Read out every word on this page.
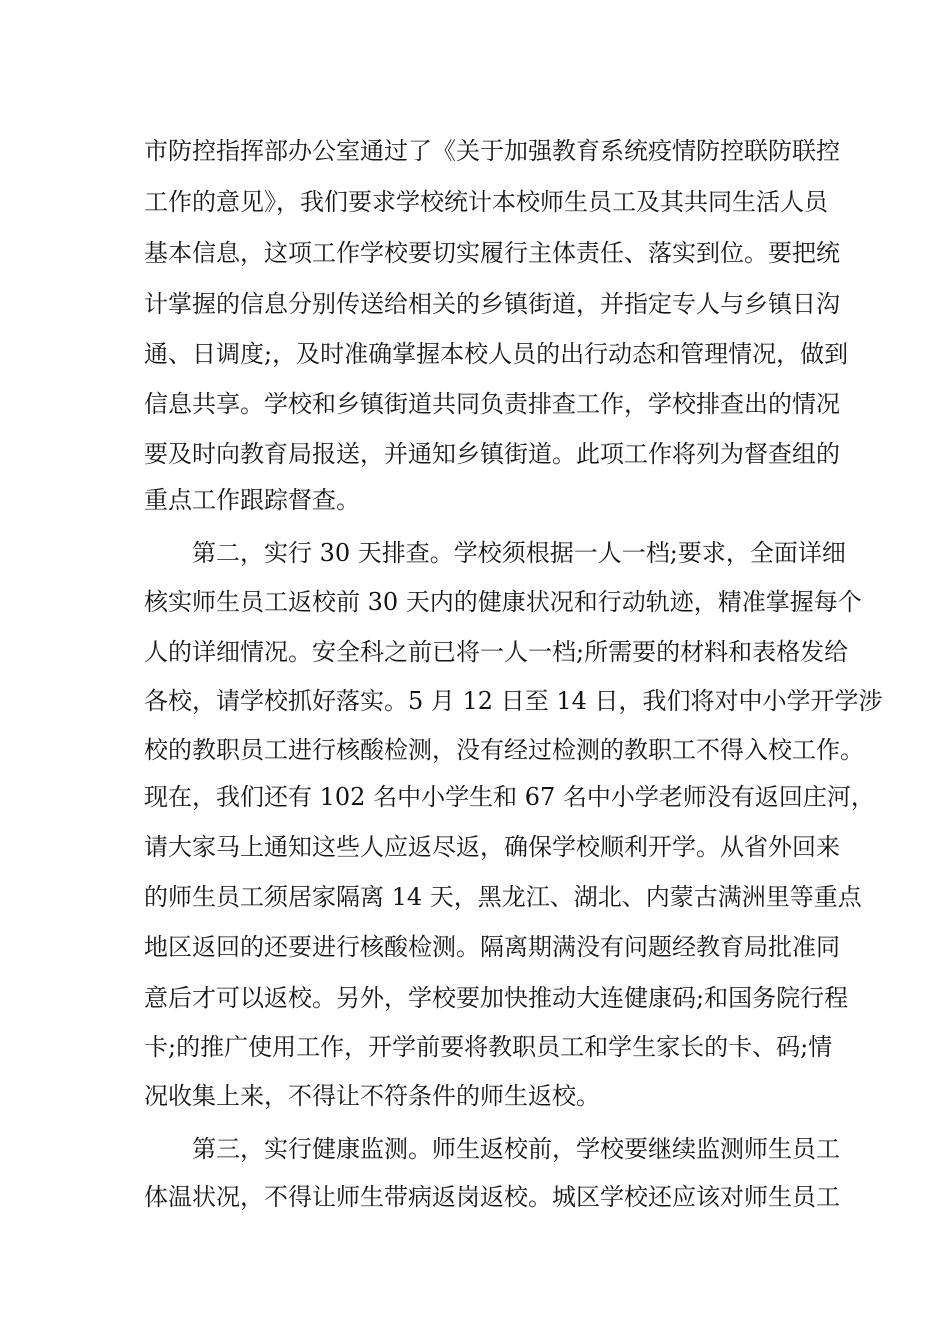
市防控指挥部办公室通过了《关于加强教育系统疫情防控联防联控
工作的意见》，我们要求学校统计本校师生员工及其共同生活人员
基本信息，这项工作学校要切实履行主体责任、落实到位。要把统
计掌握的信息分别传送给相关的乡镇街道，并指定专人与乡镇日沟
通、日调度;，及时准确掌握本校人员的出行动态和管理情况，做到
信息共享。学校和乡镇街道共同负责排查工作，学校排查出的情况
要及时向教育局报送，并通知乡镇街道。此项工作将列为督查组的
重点工作跟踪督查。
第二，实行 30 天排查。学校须根据一人一档;要求，全面详细
核实师生员工返校前 30 天内的健康状况和行动轨迹，精准掌握每个
人的详细情况。安全科之前已将一人一档;所需要的材料和表格发给
各校，请学校抓好落实。5 月 12 日至 14 日，我们将对中小学开学涉
校的教职员工进行核酸检测，没有经过检测的教职工不得入校工作。
现在，我们还有 102 名中小学生和 67 名中小学老师没有返回庄河，
请大家马上通知这些人应返尽返，确保学校顺利开学。从省外回来
的师生员工须居家隔离 14 天，黑龙江、湖北、内蒙古满洲里等重点
地区返回的还要进行核酸检测。隔离期满没有问题经教育局批准同
意后才可以返校。另外，学校要加快推动大连健康码;和国务院行程
卡;的推广使用工作，开学前要将教职员工和学生家长的卡、码;情
况收集上来，不得让不符条件的师生返校。
第三，实行健康监测。师生返校前，学校要继续监测师生员工
体温状况，不得让师生带病返岗返校。城区学校还应该对师生员工
